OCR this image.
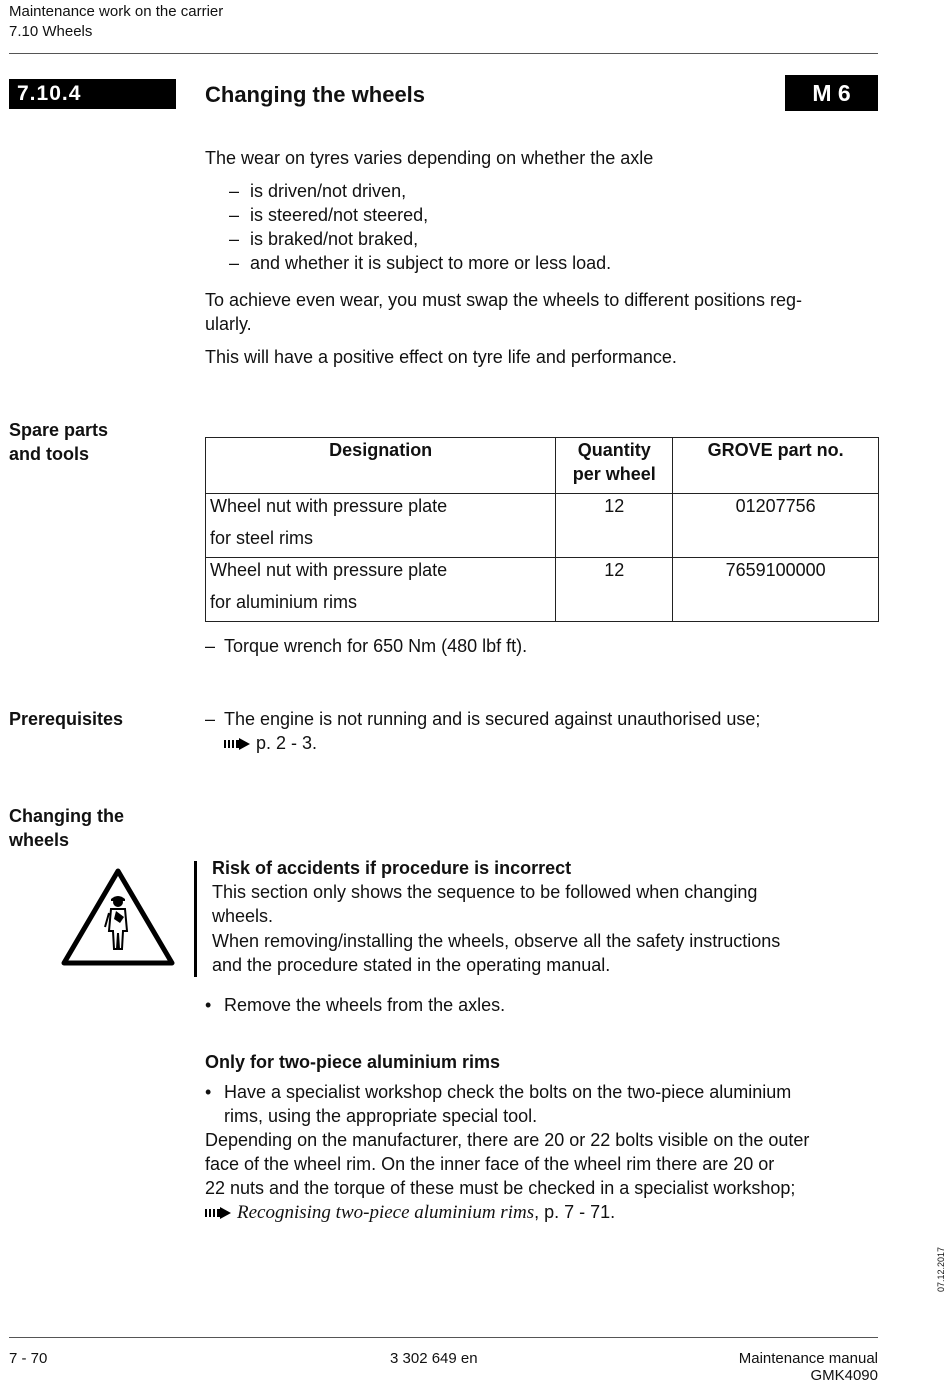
Maintenance work on the carrier
7.10 Wheels
7.10.4	Changing the wheels	M 6
The wear on tyres varies depending on whether the axle
– is driven/not driven,
– is steered/not steered,
– is braked/not braked,
– and whether it is subject to more or less load.
To achieve even wear, you must swap the wheels to different positions reg-
ularly.
This will have a positive effect on tyre life and performance.
Spare parts
and tools	Designation	Quantity
per wheel	GROVE part no.
Wheel nut with pressure plate
for steel rims	12	01207756
Wheel nut with pressure plate
for aluminium rims	12	7659100000
– Torque wrench for 650 Nm (480 lbf ft).
Prerequisites	– The engine is not running and is secured against unauthorised use;
p. 2 - 3.
Changing the
wheels
Risk of accidents if procedure is incorrect
This section only shows the sequence to be followed when changing
wheels.
When removing/installing the wheels, observe all the safety instructions
and the procedure stated in the operating manual.
• Remove the wheels from the axles.
Only for two-piece aluminium rims
• Have a specialist workshop check the bolts on the two-piece aluminium
rims, using the appropriate special tool.
Depending on the manufacturer, there are 20 or 22 bolts visible on the outer
face of the wheel rim. On the inner face of the wheel rim there are 20 or
22 nuts and the torque of these must be checked in a specialist workshop;
Recognising two-piece aluminium rims, p. 7 - 71.
07.12.2017
7 - 70	3 302 649 en	Maintenance manual
GMK4090
